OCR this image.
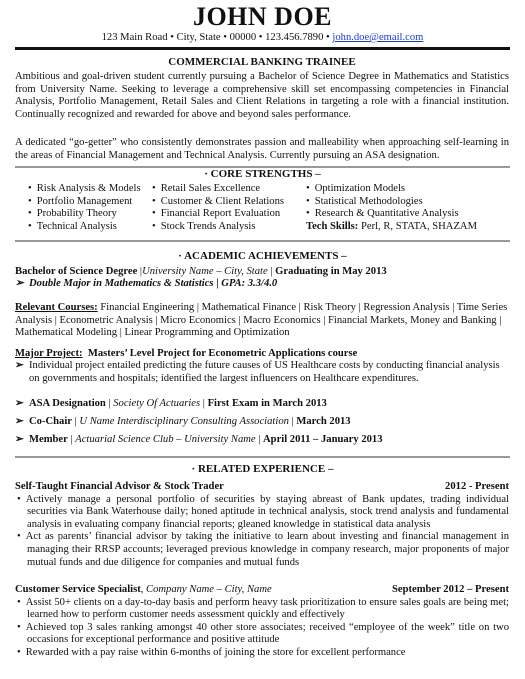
JOHN DOE
123 Main Road • City, State • 00000 • 123.456.7890 • john.doe@email.com
COMMERCIAL BANKING TRAINEE
Ambitious and goal-driven student currently pursuing a Bachelor of Science Degree in Mathematics and Statistics from University Name. Seeking to leverage a comprehensive skill set encompassing competencies in Financial Analysis, Portfolio Management, Retail Sales and Client Relations in targeting a role with a financial institution. Continually recognized and rewarded for above and beyond sales performance.
A dedicated “go-getter” who consistently demonstrates passion and malleability when approaching self-learning in the areas of Financial Management and Technical Analysis. Currently pursuing an ASA designation.
· CORE STRENGTHS –
• Risk Analysis & Models
• Portfolio Management
• Probability Theory
• Technical Analysis
• Retail Sales Excellence
• Customer & Client Relations
• Financial Report Evaluation
• Stock Trends Analysis
• Optimization Models
• Statistical Methodologies
• Research & Quantitative Analysis
Tech Skills: Perl, R, STATA, SHAZAM
· ACADEMIC ACHIEVEMENTS –
Bachelor of Science Degree |University Name – City, State | Graduating in May 2013
➢ Double Major in Mathematics & Statistics | GPA: 3.3/4.0
Relevant Courses: Financial Engineering | Mathematical Finance | Risk Theory | Regression Analysis | Time Series Analysis | Econometric Analysis | Micro Economics | Macro Economics | Financial Markets, Money and Banking | Mathematical Modeling | Linear Programming and Optimization
Major Project: Masters’ Level Project for Econometric Applications course
➢ Individual project entailed predicting the future causes of US Healthcare costs by conducting financial analysis on governments and hospitals; identified the largest influencers on Healthcare expenditures.
➢ ASA Designation | Society Of Actuaries | First Exam in March 2013
➢ Co-Chair | U Name Interdisciplinary Consulting Association | March 2013
➢ Member | Actuarial Science Club – University Name | April 2011 – January 2013
· RELATED EXPERIENCE –
Self-Taught Financial Advisor & Stock Trader	2012 - Present
• Actively manage a personal portfolio of securities by staying abreast of Bank updates, trading individual securities via Bank Waterhouse daily; honed aptitude in technical analysis, stock trend analysis and fundamental analysis in evaluating company financial reports; gleaned knowledge in statistical data analysis
• Act as parents’ financial advisor by taking the initiative to learn about investing and financial management in managing their RRSP accounts; leveraged previous knowledge in company research, major proponents of major mutual funds and due diligence for companies and mutual funds
Customer Service Specialist, Company Name – City, Name	September 2012 – Present
• Assist 50+ clients on a day-to-day basis and perform heavy task prioritization to ensure sales goals are being met; learned how to perform customer needs assessment quickly and effectively
• Achieved top 3 sales ranking amongst 40 other store associates; received “employee of the week” title on two occasions for exceptional performance and positive attitude
• Rewarded with a pay raise within 6-months of joining the store for excellent performance
